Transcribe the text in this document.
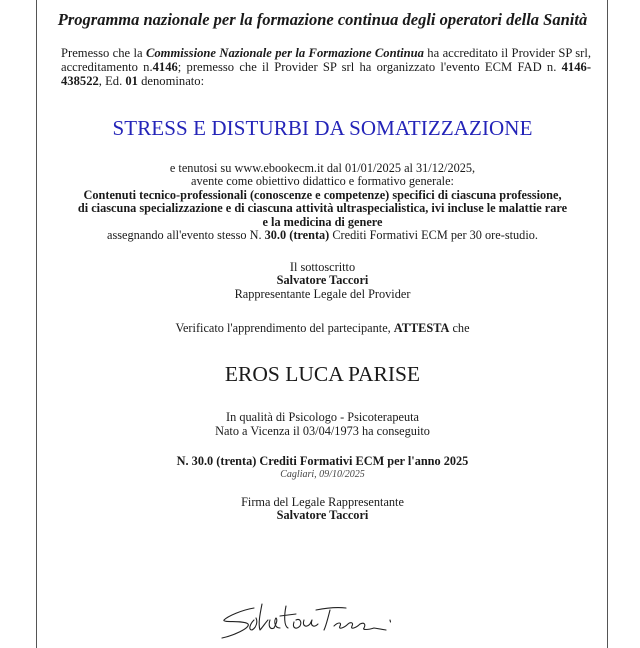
Programma nazionale per la formazione continua degli operatori della Sanità
Premesso che la Commissione Nazionale per la Formazione Continua ha accreditato il Provider SP srl, accreditamento n.4146; premesso che il Provider SP srl ha organizzato l'evento ECM FAD n. 4146-438522, Ed. 01 denominato:
STRESS E DISTURBI DA SOMATIZZAZIONE
e tenutosi su www.ebookecm.it dal 01/01/2025 al 31/12/2025,
avente come obiettivo didattico e formativo generale:
Contenuti tecnico-professionali (conoscenze e competenze) specifici di ciascuna professione, di ciascuna specializzazione e di ciascuna attività ultraspecialistica, ivi incluse le malattie rare e la medicina di genere
assegnando all'evento stesso N. 30.0 (trenta) Crediti Formativi ECM per 30 ore-studio.
Il sottoscritto
Salvatore Taccori
Rappresentante Legale del Provider
Verificato l'apprendimento del partecipante, ATTESTA che
EROS LUCA PARISE
In qualità di Psicologo - Psicoterapeuta
Nato a Vicenza il 03/04/1973 ha conseguito
N. 30.0 (trenta) Crediti Formativi ECM per l'anno 2025
Cagliari, 09/10/2025
Firma del Legale Rappresentante
Salvatore Taccori
